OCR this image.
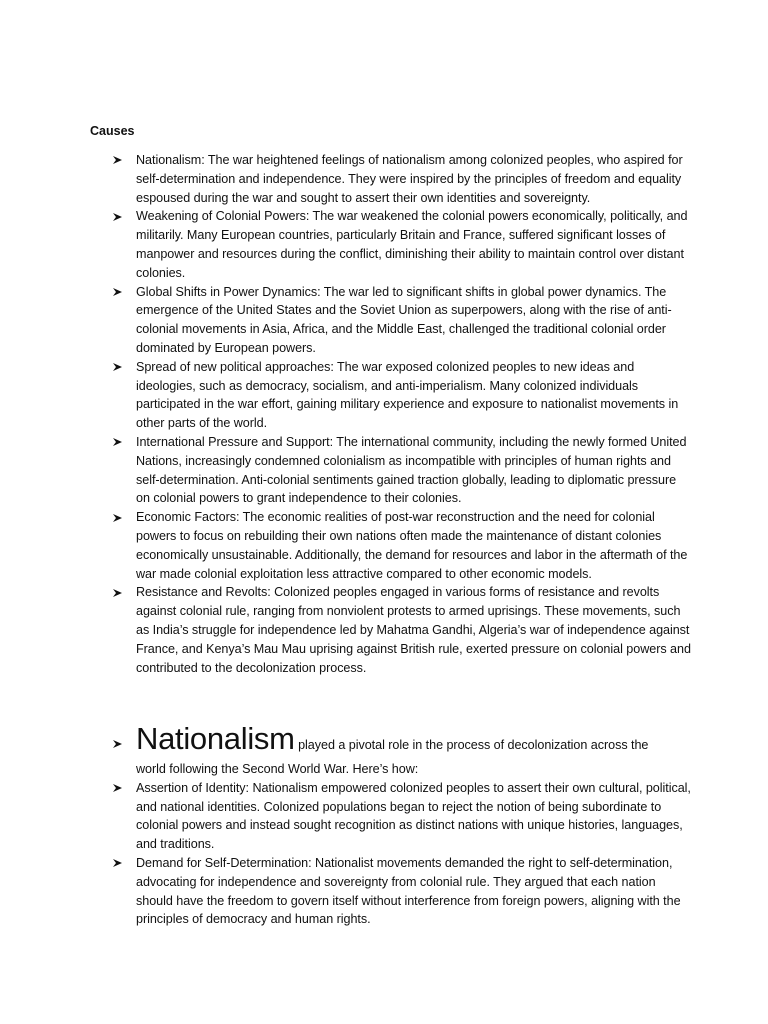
Causes
Nationalism: The war heightened feelings of nationalism among colonized peoples, who aspired for self-determination and independence. They were inspired by the principles of freedom and equality espoused during the war and sought to assert their own identities and sovereignty.
Weakening of Colonial Powers: The war weakened the colonial powers economically, politically, and militarily. Many European countries, particularly Britain and France, suffered significant losses of manpower and resources during the conflict, diminishing their ability to maintain control over distant colonies.
Global Shifts in Power Dynamics: The war led to significant shifts in global power dynamics. The emergence of the United States and the Soviet Union as superpowers, along with the rise of anti-colonial movements in Asia, Africa, and the Middle East, challenged the traditional colonial order dominated by European powers.
Spread of new political approaches: The war exposed colonized peoples to new ideas and ideologies, such as democracy, socialism, and anti-imperialism. Many colonized individuals participated in the war effort, gaining military experience and exposure to nationalist movements in other parts of the world.
International Pressure and Support: The international community, including the newly formed United Nations, increasingly condemned colonialism as incompatible with principles of human rights and self-determination. Anti-colonial sentiments gained traction globally, leading to diplomatic pressure on colonial powers to grant independence to their colonies.
Economic Factors: The economic realities of post-war reconstruction and the need for colonial powers to focus on rebuilding their own nations often made the maintenance of distant colonies economically unsustainable. Additionally, the demand for resources and labor in the aftermath of the war made colonial exploitation less attractive compared to other economic models.
Resistance and Revolts: Colonized peoples engaged in various forms of resistance and revolts against colonial rule, ranging from nonviolent protests to armed uprisings. These movements, such as India’s struggle for independence led by Mahatma Gandhi, Algeria’s war of independence against France, and Kenya’s Mau Mau uprising against British rule, exerted pressure on colonial powers and contributed to the decolonization process.
Nationalism played a pivotal role in the process of decolonization across the
world following the Second World War. Here’s how:
Assertion of Identity: Nationalism empowered colonized peoples to assert their own cultural, political, and national identities. Colonized populations began to reject the notion of being subordinate to colonial powers and instead sought recognition as distinct nations with unique histories, languages, and traditions.
Demand for Self-Determination: Nationalist movements demanded the right to self-determination, advocating for independence and sovereignty from colonial rule. They argued that each nation should have the freedom to govern itself without interference from foreign powers, aligning with the principles of democracy and human rights.
